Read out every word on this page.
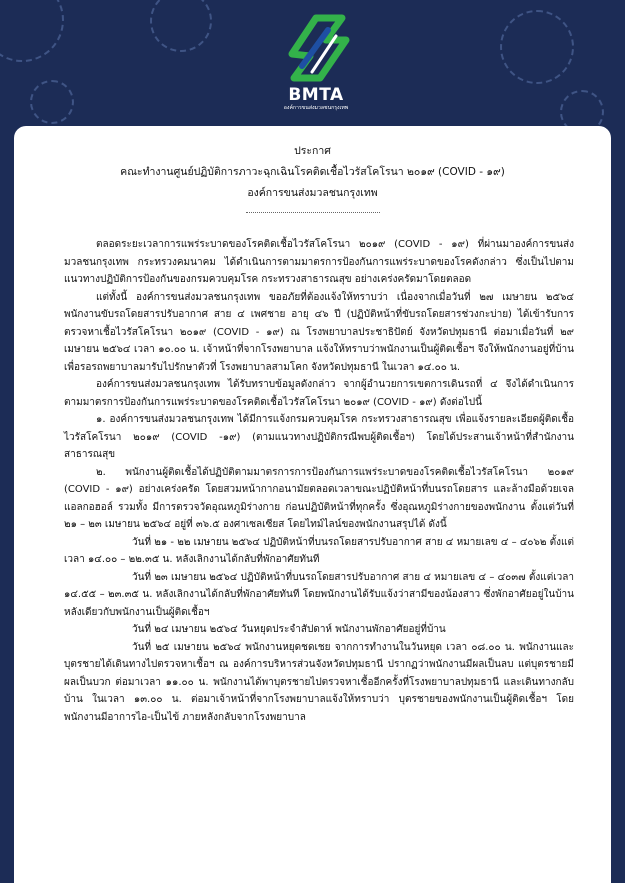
BMTA
องค์การขนส่งมวลชนกรุงเทพ
ประกาศ
คณะทำงานศูนย์ปฏิบัติการภาวะฉุกเฉินโรคติดเชื้อไวรัสโคโรนา ๒๐๑๙ (COVID - ๑๙)
องค์การขนส่งมวลชนกรุงเทพ

ตลอดระยะเวลาการแพร่ระบาดของโรคติดเชื้อไวรัสโคโรนา ๒๐๑๙ (COVID - ๑๙) ที่ผ่านมาองค์การขนส่งมวลชนกรุงเทพ กระทรวงคมนาคม ได้ดำเนินการตามมาตรการป้องกันการแพร่ระบาดของโรคดังกล่าว ซึ่งเป็นไปตามแนวทางปฏิบัติการป้องกันของกรมควบคุมโรค กระทรวงสาธารณสุข อย่างเคร่งครัดมาโดยตลอด

แต่ทั้งนี้ องค์การขนส่งมวลชนกรุงเทพ ขออภัยที่ต้องแจ้งให้ทราบว่า เนื่องจากเมื่อวันที่ ๒๗ เมษายน ๒๕๖๔ พนักงานขับรถโดยสารปรับอากาศ สาย ๔ เพศชาย อายุ ๔๖ ปี (ปฏิบัติหน้าที่ขับรถโดยสารช่วงกะบ่าย) ได้เข้ารับการตรวจหาเชื้อไวรัสโคโรนา ๒๐๑๙ (COVID - ๑๙) ณ โรงพยาบาลประชาธิปัตย์ จังหวัดปทุมธานี ต่อมาเมื่อวันที่ ๒๙ เมษายน ๒๕๖๔ เวลา ๑๐.๐๐ น. เจ้าหน้าที่จากโรงพยาบาล แจ้งให้ทราบว่าพนักงานเป็นผู้ติดเชื้อฯ จึงให้พนักงานอยู่ที่บ้าน เพื่อรอรถพยาบาลมารับไปรักษาตัวที่ โรงพยาบาลสามโคก จังหวัดปทุมธานี ในเวลา ๑๔.๐๐ น.

องค์การขนส่งมวลชนกรุงเทพ ได้รับทราบข้อมูลดังกล่าว จากผู้อำนวยการเขตการเดินรถที่ ๔ จึงได้ดำเนินการตามมาตรการป้องกันการแพร่ระบาดของโรคติดเชื้อไวรัสโคโรนา ๒๐๑๙ (COVID - ๑๙) ดังต่อไปนี้

๑. องค์การขนส่งมวลชนกรุงเทพ ได้มีการแจ้งกรมควบคุมโรค กระทรวงสาธารณสุข เพื่อแจ้งรายละเอียดผู้ติดเชื้อไวรัสโคโรนา ๒๐๑๙ (COVID -๑๙) (ตามแนวทางปฏิบัติกรณีพบผู้ติดเชื้อฯ) โดยได้ประสานเจ้าหน้าที่สำนักงานสาธารณสุข

๒. พนักงานผู้ติดเชื้อได้ปฏิบัติตามมาตรการการป้องกันการแพร่ระบาดของโรคติดเชื้อไวรัสโคโรนา ๒๐๑๙ (COVID - ๑๙) อย่างเคร่งครัด โดยสวมหน้ากากอนามัยตลอดเวลาขณะปฏิบัติหน้าที่บนรถโดยสาร และล้างมือด้วยเจลแอลกอฮอล์ รวมทั้ง มีการตรวจวัดอุณหภูมิร่างกาย ก่อนปฏิบัติหน้าที่ทุกครั้ง ซึ่งอุณหภูมิร่างกายของพนักงาน ตั้งแต่วันที่ ๒๑ – ๒๓ เมษายน ๒๕๖๔ อยู่ที่ ๓๖.๕ องศาเซลเซียส โดยไทม์ไลน์ของพนักงานสรุปได้ ดังนี้

วันที่ ๒๑ - ๒๒ เมษายน ๒๕๖๔ ปฏิบัติหน้าที่บนรถโดยสารปรับอากาศ สาย ๔ หมายเลข ๔ – ๔๐๖๒ ตั้งแต่เวลา ๑๔.๐๐ – ๒๒.๓๕ น. หลังเลิกงานได้กลับที่พักอาศัยทันที

วันที่ ๒๓ เมษายน ๒๕๖๔ ปฏิบัติหน้าที่บนรถโดยสารปรับอากาศ สาย ๔ หมายเลข ๔ – ๔๐๓๗ ตั้งแต่เวลา ๑๔.๕๕ – ๒๓.๓๕ น. หลังเลิกงานได้กลับที่พักอาศัยทันที โดยพนักงานได้รับแจ้งว่าสามีของน้องสาว ซึ่งพักอาศัยอยู่ในบ้านหลังเดียวกับพนักงานเป็นผู้ติดเชื้อฯ

วันที่ ๒๔ เมษายน ๒๕๖๔ วันหยุดประจำสัปดาห์ พนักงานพักอาศัยอยู่ที่บ้าน

วันที่ ๒๕ เมษายน ๒๕๖๔ พนักงานหยุดชดเชย จากการทำงานในวันหยุด เวลา ๐๘.๐๐ น. พนักงานและบุตรชายได้เดินทางไปตรวจหาเชื้อฯ ณ องค์การบริหารส่วนจังหวัดปทุมธานี ปรากฏว่าพนักงานมีผลเป็นลบ แต่บุตรชายมีผลเป็นบวก ต่อมาเวลา ๑๑.๐๐ น. พนักงานได้พาบุตรชายไปตรวจหาเชื้ออีกครั้งที่โรงพยาบาลปทุมธานี และเดินทางกลับบ้าน ในเวลา ๑๓.๐๐ น. ต่อมาเจ้าหน้าที่จากโรงพยาบาลแจ้งให้ทราบว่า บุตรชายของพนักงานเป็นผู้ติดเชื้อฯ โดยพนักงานมีอาการไอ-เป็นไข้ ภายหลังกลับจากโรงพยาบาล
